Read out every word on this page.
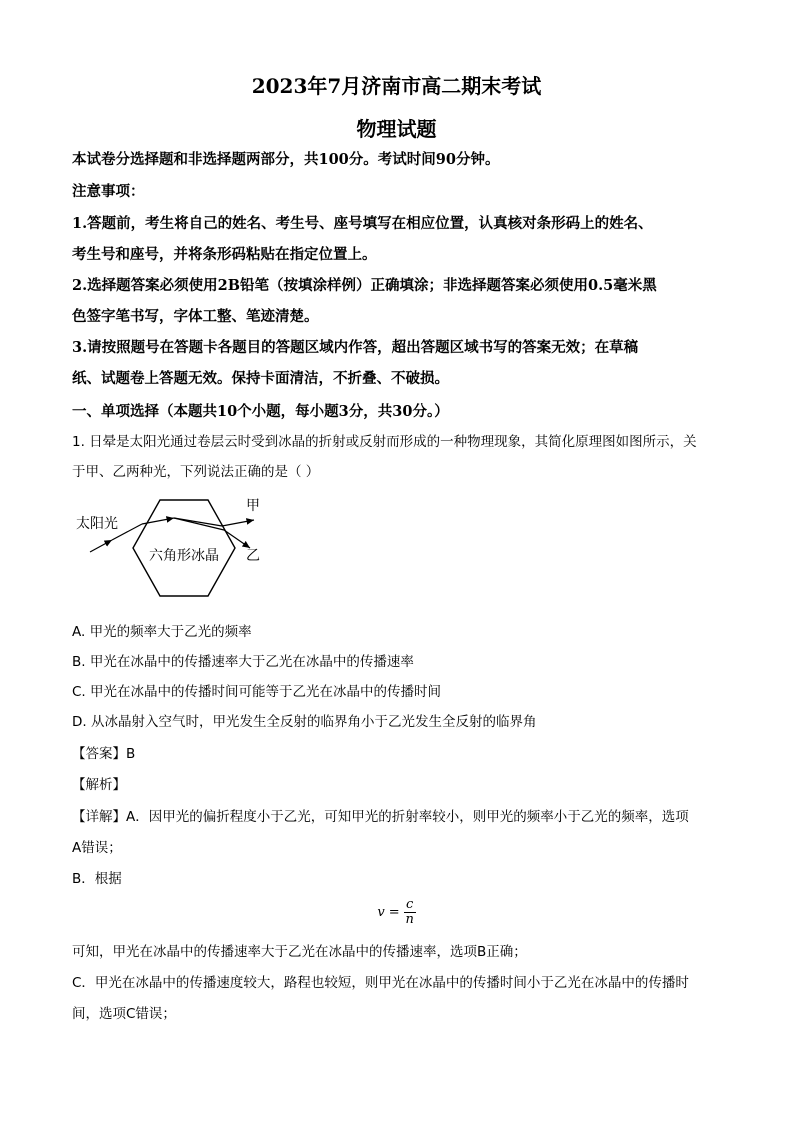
2023年7月济南市高二期末考试
物理试题
本试卷分选择题和非选择题两部分，共100分。考试时间90分钟。
注意事项：
1.答题前，考生将自己的姓名、考生号、座号填写在相应位置，认真核对条形码上的姓名、
考生号和座号，并将条形码粘贴在指定位置上。
2.选择题答案必须使用2B铅笔（按填涂样例）正确填涂；非选择题答案必须使用0.5毫米黑
色签字笔书写，字体工整、笔迹清楚。
3.请按照题号在答题卡各题目的答题区域内作答，超出答题区域书写的答案无效；在草稿
纸、试题卷上答题无效。保持卡面清洁，不折叠、不破损。
一、单项选择（本题共10个小题，每小题3分，共30分。）
1. 日晕是太阳光通过卷层云时受到冰晶的折射或反射而形成的一种物理现象，其简化原理图如图所示，关
于甲、乙两种光，下列说法正确的是（ ）
太阳光
六角形冰晶
甲
乙
A. 甲光的频率大于乙光的频率
B. 甲光在冰晶中的传播速率大于乙光在冰晶中的传播速率
C. 甲光在冰晶中的传播时间可能等于乙光在冰晶中的传播时间
D. 从冰晶射入空气时，甲光发生全反射的临界角小于乙光发生全反射的临界角
【答案】B
【解析】
【详解】A．因甲光的偏折程度小于乙光，可知甲光的折射率较小，则甲光的频率小于乙光的频率，选项
A错误；
B．根据
$v = \frac{c}{n}$
可知，甲光在冰晶中的传播速率大于乙光在冰晶中的传播速率，选项B正确；
C．甲光在冰晶中的传播速度较大，路程也较短，则甲光在冰晶中的传播时间小于乙光在冰晶中的传播时
间，选项C错误；
